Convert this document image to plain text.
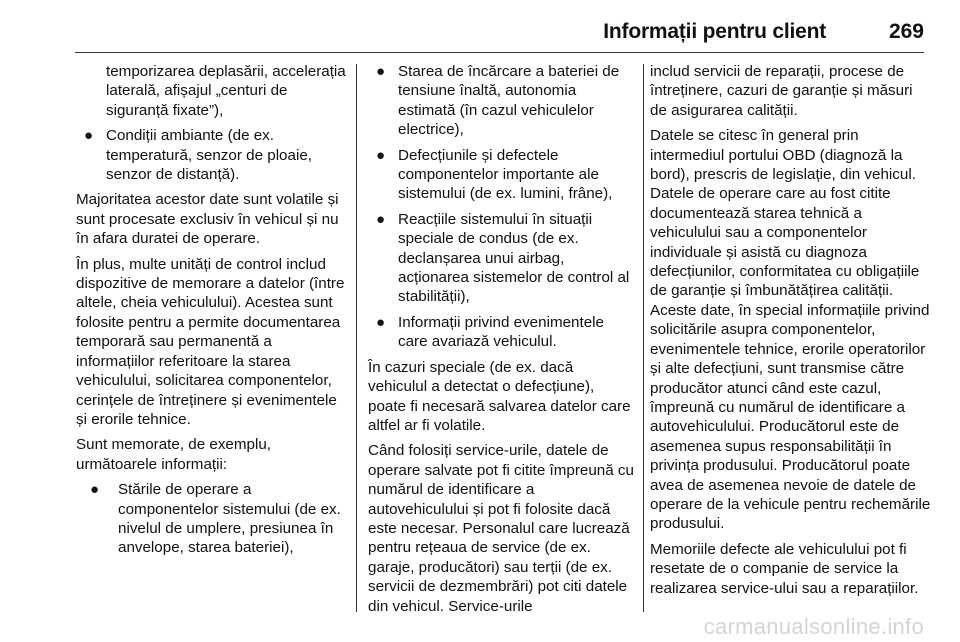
Informații pentru client	269
temporizarea deplasării, accelerația laterală, afișajul „centuri de siguranță fixate”),
● Condiții ambiante (de ex. temperatură, senzor de ploaie, senzor de distanță).

Majoritatea acestor date sunt volatile și sunt procesate exclusiv în vehicul și nu în afara duratei de operare.

În plus, multe unități de control includ dispozitive de memorare a datelor (între altele, cheia vehiculului). Acestea sunt folosite pentru a permite documentarea temporară sau permanentă a informațiilor referitoare la starea vehiculului, solicitarea componentelor, cerințele de întreținere și evenimentele și erorile tehnice.

Sunt memorate, de exemplu, următoarele informații:

● Stările de operare a componentelor sistemului (de ex. nivelul de umplere, presiunea în anvelope, starea bateriei),
● Starea de încărcare a bateriei de tensiune înaltă, autonomia estimată (în cazul vehiculelor electrice),
● Defecțiunile și defectele componentelor importante ale sistemului (de ex. lumini, frâne),
● Reacțiile sistemului în situații speciale de condus (de ex. declanșarea unui airbag, acționarea sistemelor de control al stabilității),
● Informații privind evenimentele care avariază vehiculul.

În cazuri speciale (de ex. dacă vehiculul a detectat o defecțiune), poate fi necesară salvarea datelor care altfel ar fi volatile.

Când folosiți service-urile, datele de operare salvate pot fi citite împreună cu numărul de identificare a autovehiculului și pot fi folosite dacă este necesar. Personalul care lucrează pentru rețeaua de service (de ex. garaje, producători) sau terții (de ex. servicii de dezmembrări) pot citi datele din vehicul. Service-urile

includ servicii de reparații, procese de întreținere, cazuri de garanție și măsuri de asigurarea calității.

Datele se citesc în general prin intermediul portului OBD (diagnoză la bord), prescris de legislație, din vehicul. Datele de operare care au fost citite documentează starea tehnică a vehiculului sau a componentelor individuale și asistă cu diagnoza defecțiunilor, conformitatea cu obligațiile de garanție și îmbunătățirea calității. Aceste date, în special informațiile privind solicitările asupra componentelor, evenimentele tehnice, erorile operatorilor și alte defecțiuni, sunt transmise către producător atunci când este cazul, împreună cu numărul de identificare a autovehiculului. Producătorul este de asemenea supus responsabilității în privința produsului. Producătorul poate avea de asemenea nevoie de datele de operare de la vehicule pentru rechemările produsului.

Memoriile defecte ale vehiculului pot fi resetate de o companie de service la realizarea service-ului sau a reparațiilor.

carmanualsonline.info
